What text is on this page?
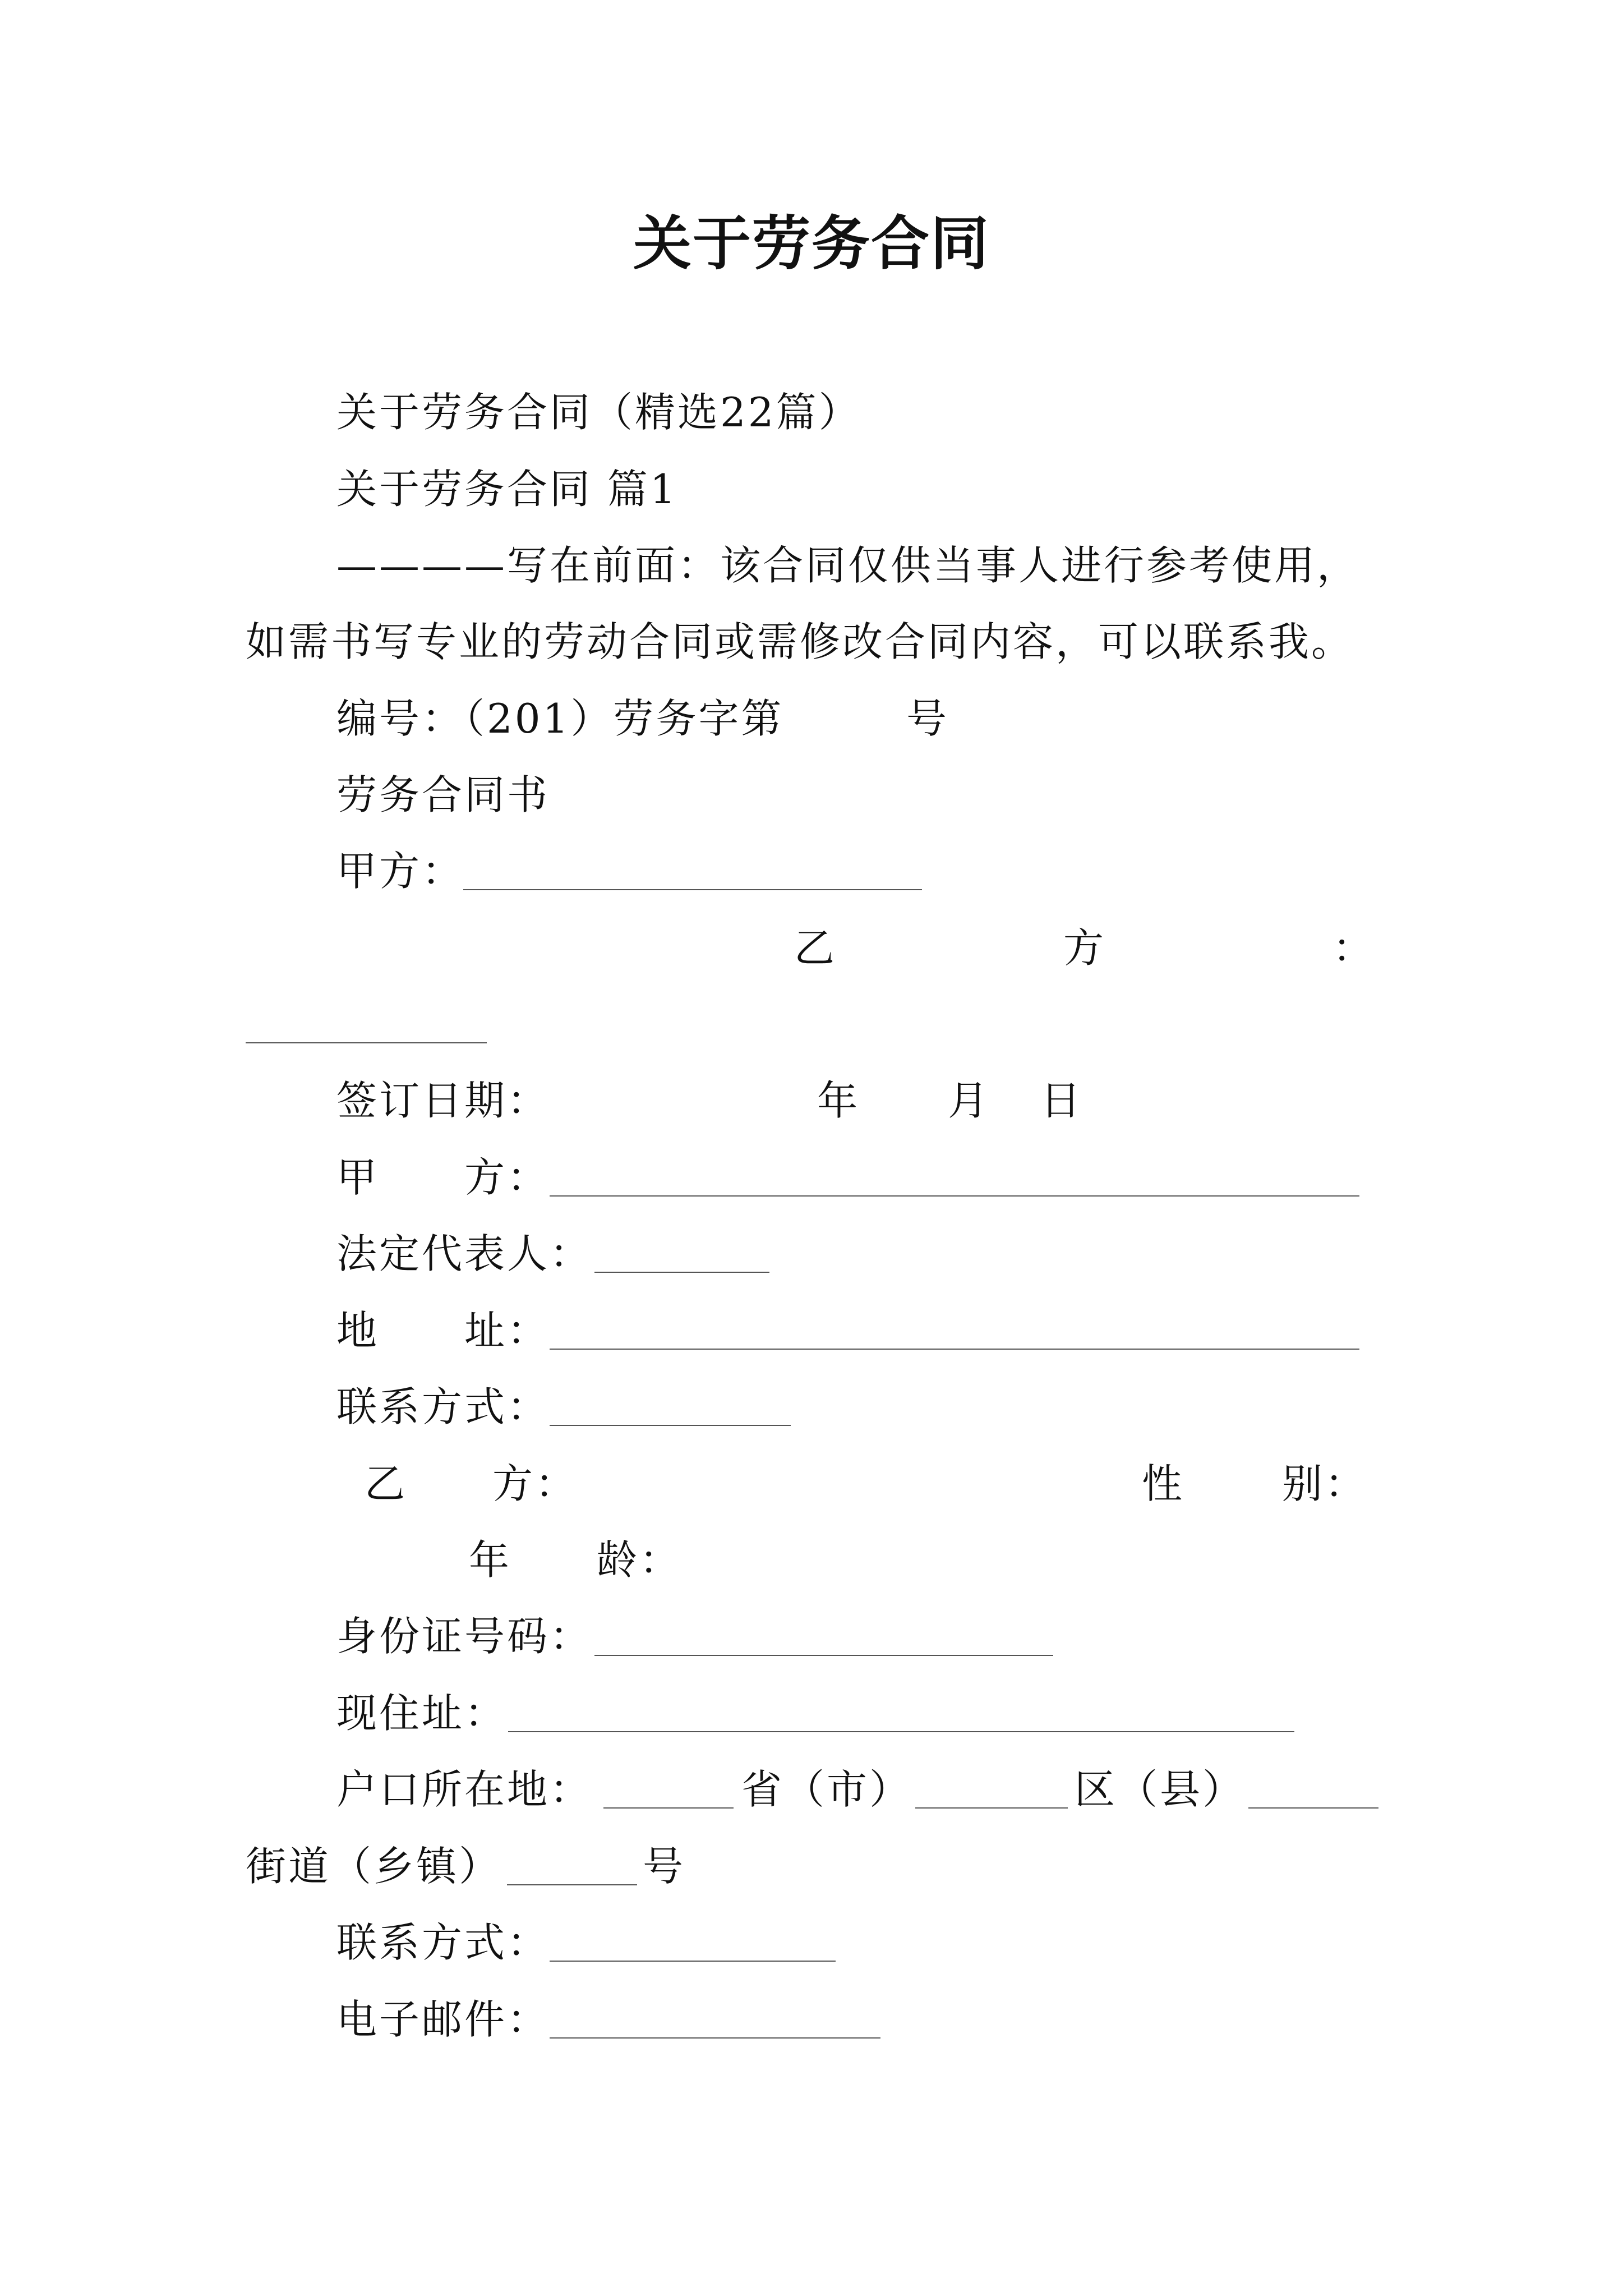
关于劳务合同
关于劳务合同（精选22篇）
关于劳务合同 篇1
————写在前面：该合同仅供当事人进行参考使用，
如需书写专业的劳动合同或需修改合同内容，可以联系我。
编号：（201）劳务字第	号
劳务合同书
甲方：
乙	方	：
签订日期：	年 月 日
甲　　方：
法定代表人：
地　　址：
联系方式：
乙　　方：	性 别：
年　　龄：
身份证号码：
现住址：
户口所在地：	省（市）	区（县）
街道（乡镇）	号
联系方式：
电子邮件：
